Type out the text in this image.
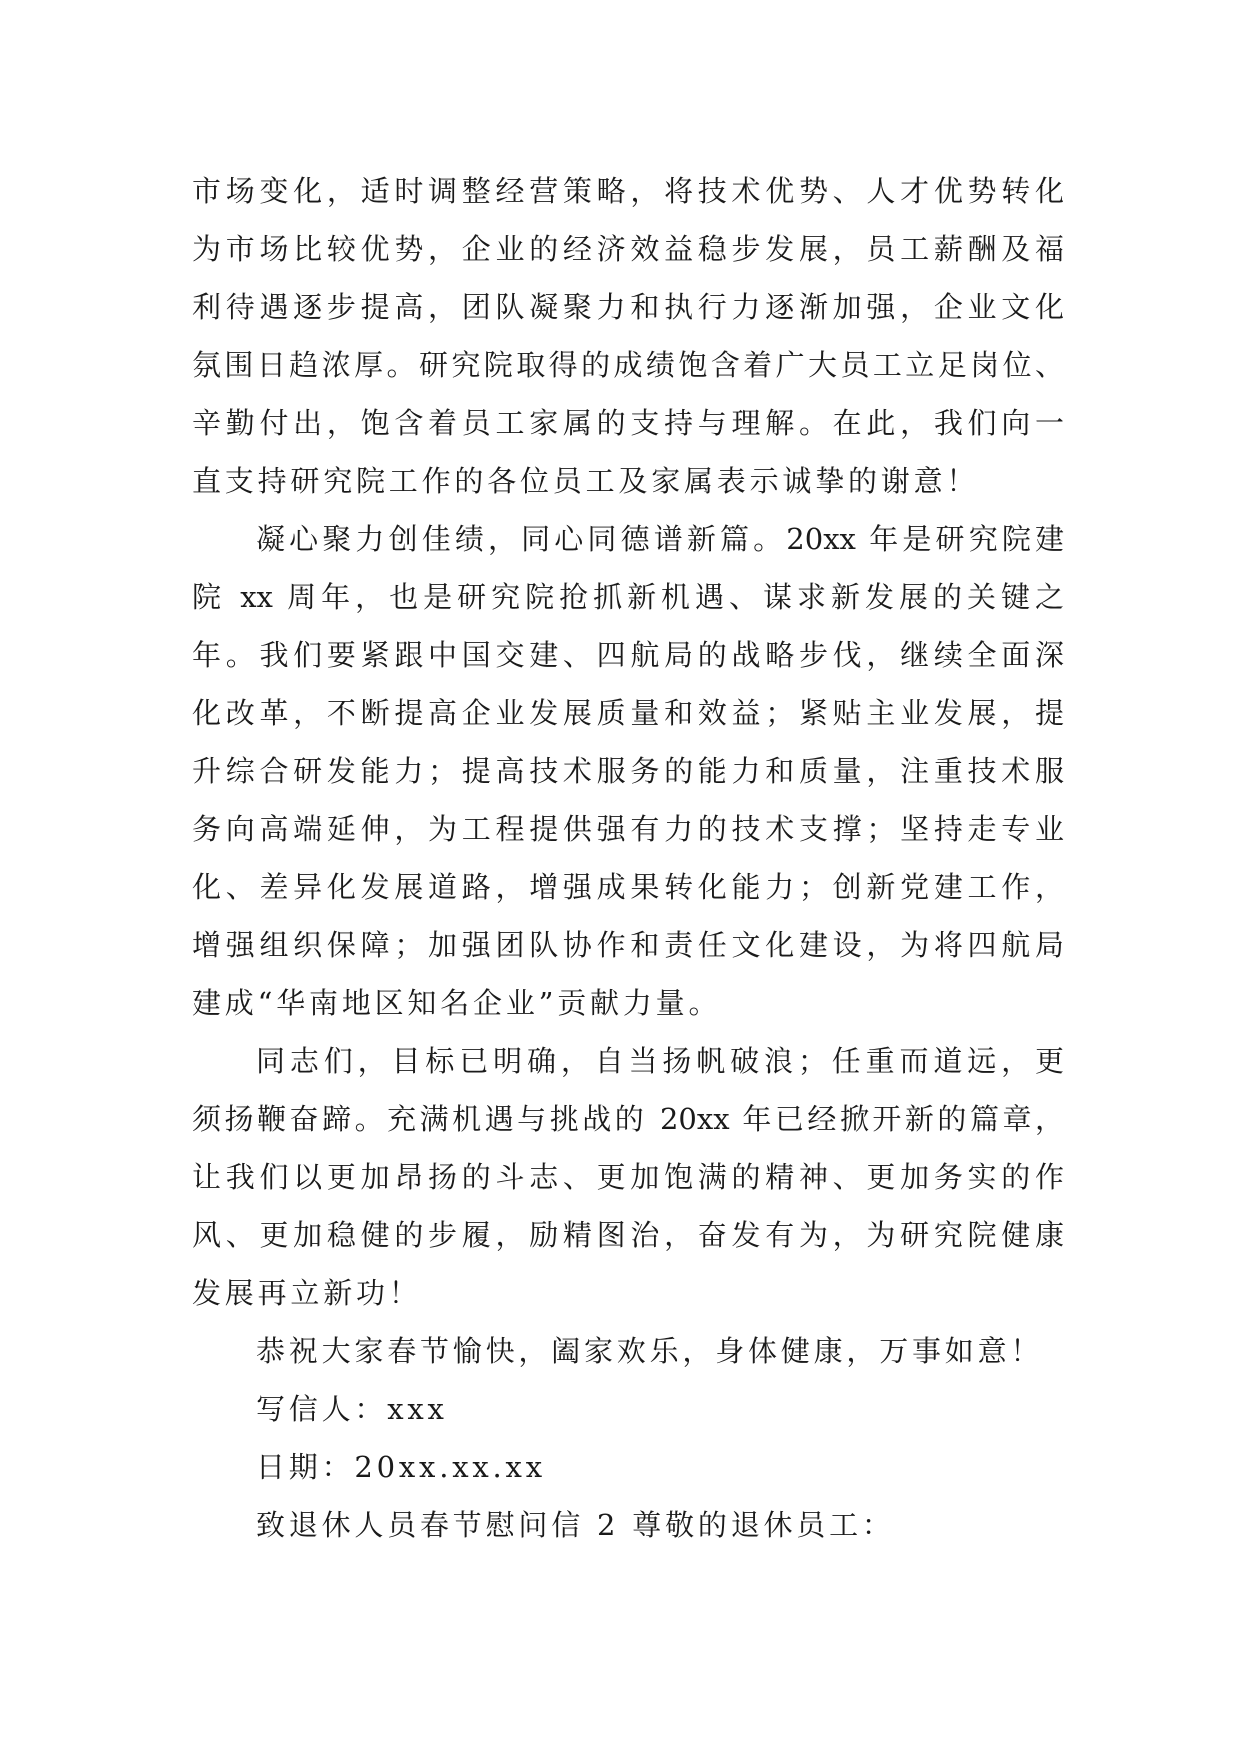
市场变化，适时调整经营策略，将技术优势、人才优势转化
为市场比较优势，企业的经济效益稳步发展，员工薪酬及福
利待遇逐步提高，团队凝聚力和执行力逐渐加强，企业文化
氛围日趋浓厚。研究院取得的成绩饱含着广大员工立足岗位、
辛勤付出，饱含着员工家属的支持与理解。在此，我们向一
直支持研究院工作的各位员工及家属表示诚挚的谢意！
凝心聚力创佳绩，同心同德谱新篇。20xx 年是研究院建
院 xx 周年，也是研究院抢抓新机遇、谋求新发展的关键之
年。我们要紧跟中国交建、四航局的战略步伐，继续全面深
化改革，不断提高企业发展质量和效益；紧贴主业发展，提
升综合研发能力；提高技术服务的能力和质量，注重技术服
务向高端延伸，为工程提供强有力的技术支撑；坚持走专业
化、差异化发展道路，增强成果转化能力；创新党建工作，
增强组织保障；加强团队协作和责任文化建设，为将四航局
建成“华南地区知名企业”贡献力量。
同志们，目标已明确，自当扬帆破浪；任重而道远，更
须扬鞭奋蹄。充满机遇与挑战的 20xx 年已经掀开新的篇章，
让我们以更加昂扬的斗志、更加饱满的精神、更加务实的作
风、更加稳健的步履，励精图治，奋发有为，为研究院健康
发展再立新功！
恭祝大家春节愉快，阖家欢乐，身体健康，万事如意！
写信人：xxx
日期：20xx.xx.xx
致退休人员春节慰问信 2 尊敬的退休员工：
